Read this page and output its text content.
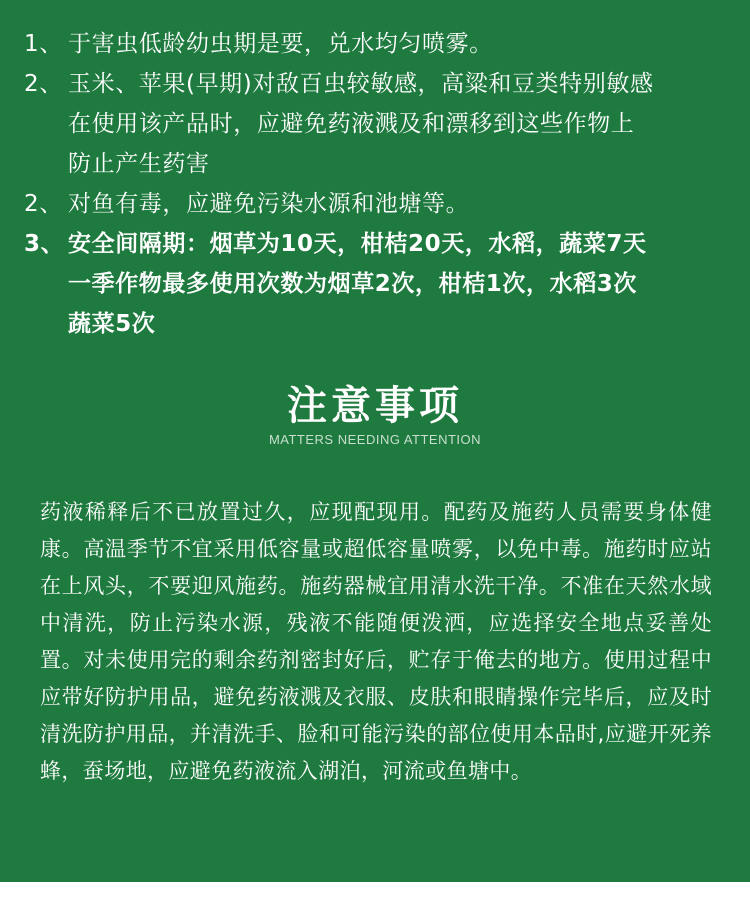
1、 于害虫低龄幼虫期是要，兑水均匀喷雾。
2、 玉米、苹果(早期)对敌百虫较敏感，高粱和豆类特别敏感
在使用该产品时，应避免药液溅及和漂移到这些作物上
防止产生药害
2、 对鱼有毒，应避免污染水源和池塘等。
3、 安全间隔期：烟草为10天，柑桔20天，水稻，蔬菜7天
一季作物最多使用次数为烟草2次，柑桔1次，水稻3次
蔬菜5次
注意事项
MATTERS NEEDING ATTENTION

药液稀释后不已放置过久，应现配现用。配药及施药人员需要身体健康。高温季节不宜采用低容量或超低容量喷雾，以免中毒。施药时应站在上风头，不要迎风施药。施药器械宜用清水洗干净。不准在天然水域中清洗，防止污染水源，残液不能随便泼洒，应选择安全地点妥善处置。对未使用完的剩余药剂密封好后，贮存于俺去的地方。使用过程中 应带好防护用品，避免药液溅及衣服、皮肤和眼睛操作完毕后，应及时清洗防护用品，并清洗手、脸和可能污染的部位使用本品时,应避开死养蜂，蚕场地，应避免药液流入湖泊，河流或鱼塘中。
